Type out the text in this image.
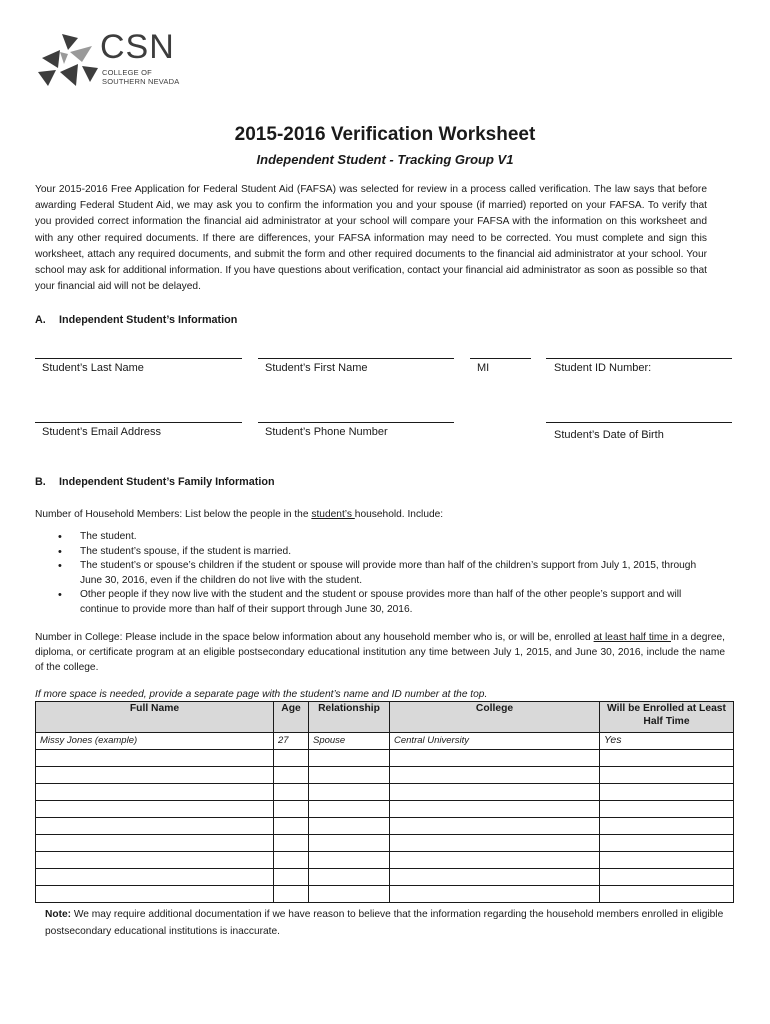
CSN
COLLEGE OF
SOUTHERN NEVADA
2015-2016 Verification Worksheet
Independent Student - Tracking Group V1
Your 2015-2016 Free Application for Federal Student Aid (FAFSA) was selected for review in a process called verification. The law says that before awarding Federal Student Aid, we may ask you to confirm the information you and your spouse (if married) reported on your FAFSA. To verify that you provided correct information the financial aid administrator at your school will compare your FAFSA with the information on this worksheet and with any other required documents. If there are differences, your FAFSA information may need to be corrected. You must complete and sign this worksheet, attach any required documents, and submit the form and other required documents to the financial aid administrator at your school. Your school may ask for additional information. If you have questions about verification, contact your financial aid administrator as soon as possible so that your financial aid will not be delayed.
A. Independent Student’s Information
Student’s Last Name	Student’s First Name	MI	Student ID Number:
Student’s Email Address	Student’s Phone Number	Student’s Date of Birth
B. Independent Student’s Family Information
Number of Household Members: List below the people in the student’s household. Include:
• The student.
• The student’s spouse, if the student is married.
• The student’s or spouse’s children if the student or spouse will provide more than half of the children’s support from July 1, 2015, through June 30, 2016, even if the children do not live with the student.
• Other people if they now live with the student and the student or spouse provides more than half of the other people’s support and will continue to provide more than half of their support through June 30, 2016.
Number in College: Please include in the space below information about any household member who is, or will be, enrolled at least half time in a degree, diploma, or certificate program at an eligible postsecondary educational institution any time between July 1, 2015, and June 30, 2016, include the name of the college.
If more space is needed, provide a separate page with the student’s name and ID number at the top.
Full Name	Age	Relationship	College	Will be Enrolled at Least Half Time
Missy Jones (example)	27	Spouse	Central University	Yes

Note: We may require additional documentation if we have reason to believe that the information regarding the household members enrolled in eligible postsecondary educational institutions is inaccurate.
